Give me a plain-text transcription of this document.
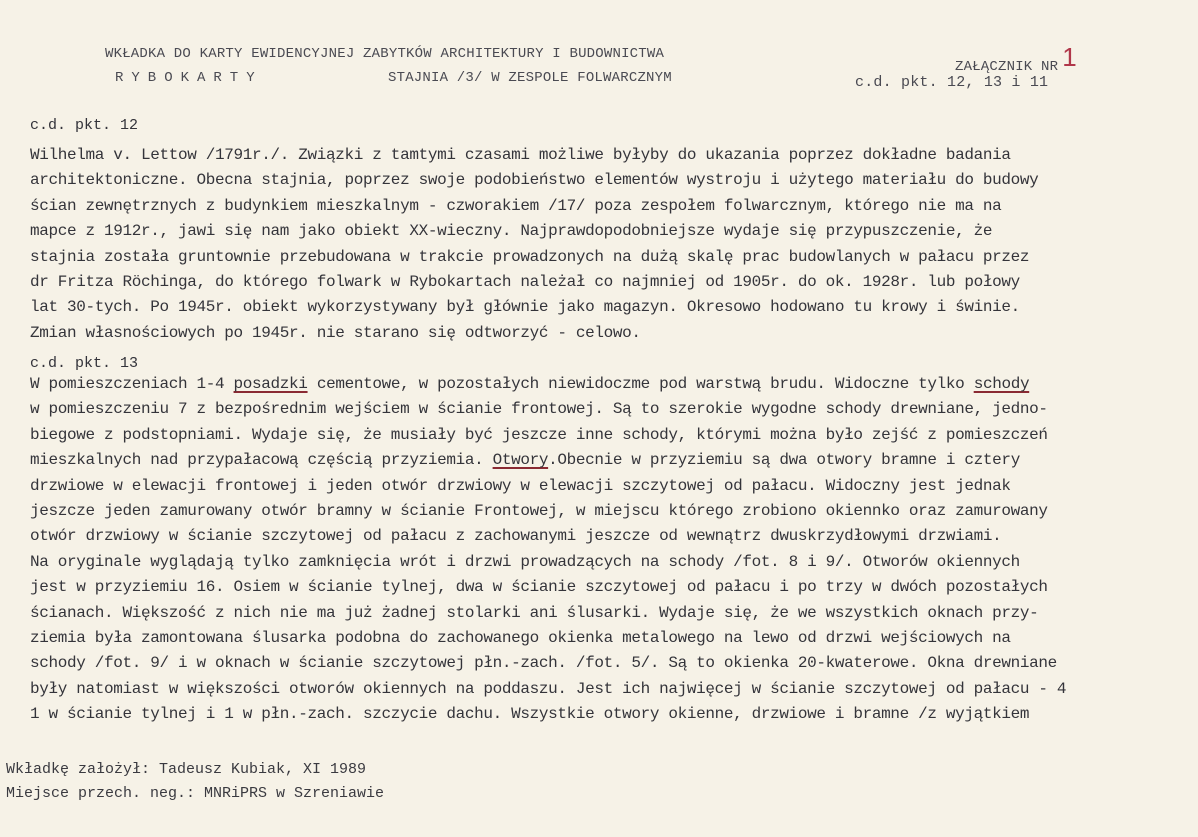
WKŁADKA DO KARTY EWIDENCYJNEJ ZABYTKÓW ARCHITEKTURY I BUDOWNICTWA
RYBOKARTY	STAJNIA /3/ W ZESPOLE FOLWARCZNYM
ZAŁĄCZNIK NR 1
c.d. pkt. 12, 13 i 11
c.d. pkt. 12
Wilhelma v. Lettow /1791r./. Związki z tamtymi czasami możliwe byłyby do ukazania poprzez dokładne badania
architektoniczne. Obecna stajnia, poprzez swoje podobieństwo elementów wystroju i użytego materiału do budowy
ścian zewnętrznych z budynkiem mieszkalnym - czworakiem /17/ poza zespołem folwarcznym, którego nie ma na
mapce z 1912r., jawi się nam jako obiekt XX-wieczny. Najprawdopodobniejsze wydaje się przypuszczenie, że
stajnia została gruntownie przebudowana w trakcie prowadzonych na dużą skalę prac budowlanych w pałacu przez
dr Fritza Röchinga, do którego folwark w Rybokartach należał co najmniej od 1905r. do ok. 1928r. lub połowy
lat 30-tych. Po 1945r. obiekt wykorzystywany był głównie jako magazyn. Okresowo hodowano tu krowy i świnie.
Zmian własnościowych po 1945r. nie starano się odtworzyć - celowo.
c.d. pkt. 13
W pomieszczeniach 1-4 posadzki cementowe, w pozostałych niewidoczme pod warstwą brudu. Widoczne tylko schody
w pomieszczeniu 7 z bezpośrednim wejściem w ścianie frontowej. Są to szerokie wygodne schody drewniane, jedno-
biegowe z podstopniami. Wydaje się, że musiały być jeszcze inne schody, którymi można było zejść z pomieszczeń
mieszkalnych nad przypałacową częścią przyziemia. Otwory.Obecnie w przyziemiu są dwa otwory bramne i cztery
drzwiowe w elewacji frontowej i jeden otwór drzwiowy w elewacji szczytowej od pałacu. Widoczny jest jednak
jeszcze jeden zamurowany otwór bramny w ścianie Frontowej, w miejscu którego zrobiono okiennko oraz zamurowany
otwór drzwiowy w ścianie szczytowej od pałacu z zachowanymi jeszcze od wewnątrz dwuskrzydłowymi drzwiami.
Na oryginale wyglądają tylko zamknięcia wrót i drzwi prowadzących na schody /fot. 8 i 9/. Otworów okiennych
jest w przyziemiu 16. Osiem w ścianie tylnej, dwa w ścianie szczytowej od pałacu i po trzy w dwóch pozostałych
ścianach. Większość z nich nie ma już żadnej stolarki ani ślusarki. Wydaje się, że we wszystkich oknach przy-
ziemia była zamontowana ślusarka podobna do zachowanego okienka metalowego na lewo od drzwi wejściowych na
schody /fot. 9/ i w oknach w ścianie szczytowej płn.-zach. /fot. 5/. Są to okienka 20-kwaterowe. Okna drewniane
były natomiast w większości otworów okiennych na poddaszu. Jest ich najwięcej w ścianie szczytowej od pałacu - 4
1 w ścianie tylnej i 1 w płn.-zach. szczycie dachu. Wszystkie otwory okienne, drzwiowe i bramne /z wyjątkiem
Wkładkę założył: Tadeusz Kubiak, XI 1989
Miejsce przech. neg.: MNRiPRS w Szreniawie
